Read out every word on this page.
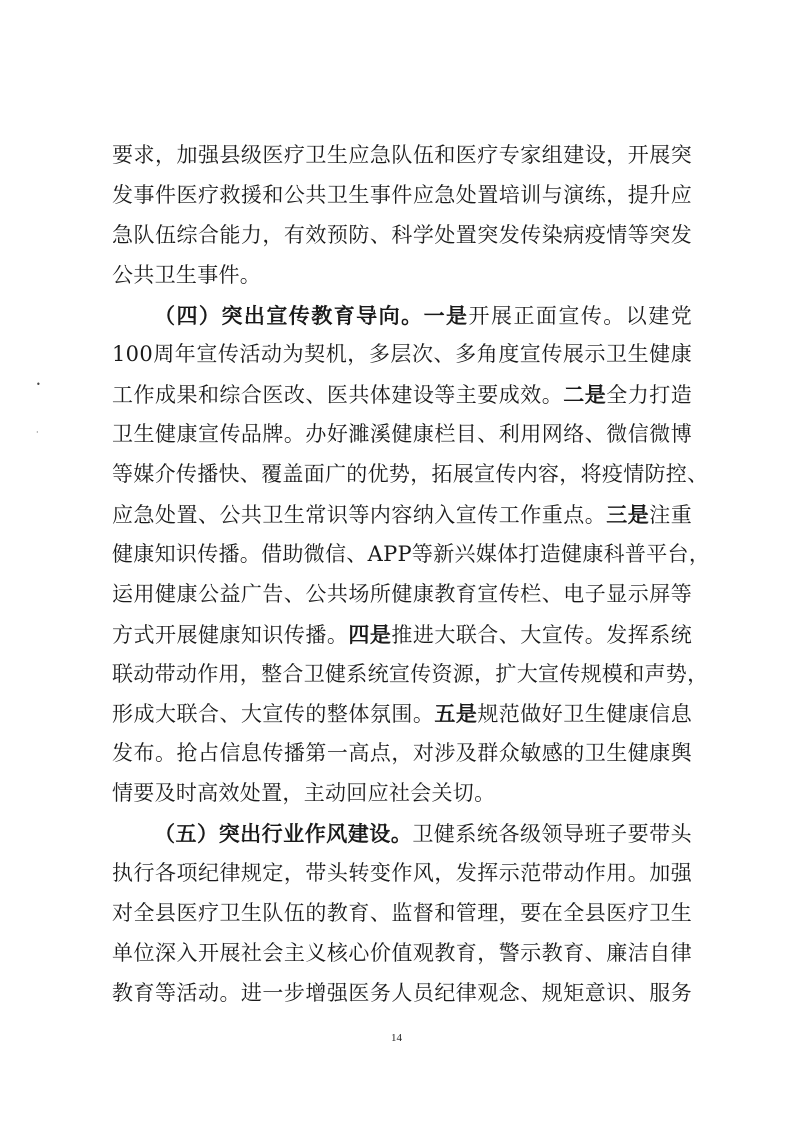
•
·
要求，加强县级医疗卫生应急队伍和医疗专家组建设，开展突
发事件医疗救援和公共卫生事件应急处置培训与演练，提升应
急队伍综合能力，有效预防、科学处置突发传染病疫情等突发
公共卫生事件。
（四）突出宣传教育导向。一是开展正面宣传。以建党
100周年宣传活动为契机，多层次、多角度宣传展示卫生健康
工作成果和综合医改、医共体建设等主要成效。二是全力打造
卫生健康宣传品牌。办好濉溪健康栏目、利用网络、微信微博
等媒介传播快、覆盖面广的优势，拓展宣传内容，将疫情防控、
应急处置、公共卫生常识等内容纳入宣传工作重点。三是注重
健康知识传播。借助微信、APP等新兴媒体打造健康科普平台，
运用健康公益广告、公共场所健康教育宣传栏、电子显示屏等
方式开展健康知识传播。四是推进大联合、大宣传。发挥系统
联动带动作用，整合卫健系统宣传资源，扩大宣传规模和声势，
形成大联合、大宣传的整体氛围。五是规范做好卫生健康信息
发布。抢占信息传播第一高点，对涉及群众敏感的卫生健康舆
情要及时高效处置，主动回应社会关切。
（五）突出行业作风建设。卫健系统各级领导班子要带头
执行各项纪律规定，带头转变作风，发挥示范带动作用。加强
对全县医疗卫生队伍的教育、监督和管理，要在全县医疗卫生
单位深入开展社会主义核心价值观教育，警示教育、廉洁自律
教育等活动。进一步增强医务人员纪律观念、规矩意识、服务
14
